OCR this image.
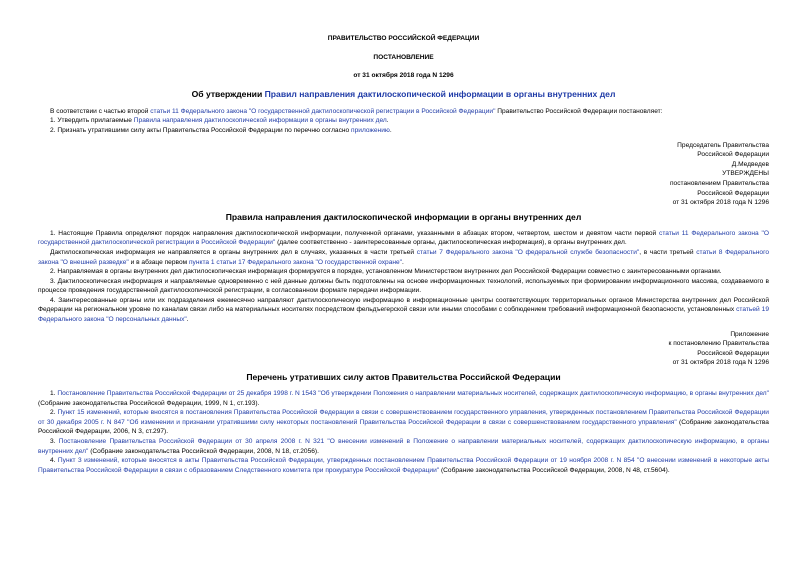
ПРАВИТЕЛЬСТВО РОССИЙСКОЙ ФЕДЕРАЦИИ

ПОСТАНОВЛЕНИЕ

от 31 октября 2018 года N 1296

Об утверждении Правил направления дактилоскопической информации в органы внутренних дел

В соответствии с частью второй статьи 11 Федерального закона "О государственной дактилоскопической регистрации в Российской Федерации" Правительство Российской Федерации постановляет:

1. Утвердить прилагаемые Правила направления дактилоскопической информации в органы внутренних дел.

2. Признать утратившими силу акты Правительства Российской Федерации по перечню согласно приложению.

Председатель Правительства

Российской Федерации

Д.Медведев

УТВЕРЖДЕНЫ

постановлением Правительства

Российской Федерации

от 31 октября 2018 года N 1296

Правила направления дактилоскопической информации в органы внутренних дел

1. Настоящие Правила определяют порядок направления дактилоскопической информации, полученной органами, указанными в абзацах втором, четвертом, шестом и девятом части первой статьи 11 Федерального закона "О государственной дактилоскопической регистрации в Российской Федерации" (далее соответственно - заинтересованные органы, дактилоскопическая информация), в органы внутренних дел.

Дактилоскопическая информация не направляется в органы внутренних дел в случаях, указанных в части третьей статьи 7 Федерального закона "О федеральной службе безопасности", в части третьей статьи 8 Федерального закона "О внешней разведке" и в абзаце первом пункта 1 статьи 17 Федерального закона "О государственной охране".

2. Направляемая в органы внутренних дел дактилоскопическая информация формируется в порядке, установленном Министерством внутренних дел Российской Федерации совместно с заинтересованными органами.

3. Дактилоскопическая информация и направляемые одновременно с ней данные должны быть подготовлены на основе информационных технологий, используемых при формировании информационного массива, создаваемого в процессе проведения государственной дактилоскопической регистрации, в согласованном формате передачи информации.

4. Заинтересованные органы или их подразделения ежемесячно направляют дактилоскопическую информацию в информационные центры соответствующих территориальных органов Министерства внутренних дел Российской Федерации на региональном уровне по каналам связи либо на материальных носителях посредством фельдъегерской связи или иными способами с соблюдением требований информационной безопасности, установленных статьей 19 Федерального закона "О персональных данных".

Приложение

к постановлению Правительства

Российской Федерации

от 31 октября 2018 года N 1296

Перечень утративших силу актов Правительства Российской Федерации

1. Постановление Правительства Российской Федерации от 25 декабря 1998 г. N 1543 "Об утверждении Положения о направлении материальных носителей, содержащих дактилоскопическую информацию, в органы внутренних дел" (Собрание законодательства Российской Федерации, 1999, N 1, ст.193).

2. Пункт 15 изменений, которые вносятся в постановления Правительства Российской Федерации в связи с совершенствованием государственного управления, утвержденных постановлением Правительства Российской Федерации от 30 декабря 2005 г. N 847 "Об изменении и признании утратившими силу некоторых постановлений Правительства Российской Федерации в связи с совершенствованием государственного управления" (Собрание законодательства Российской Федерации, 2006, N 3, ст.297).

3. Постановление Правительства Российской Федерации от 30 апреля 2008 г. N 321 "О внесении изменений в Положение о направлении материальных носителей, содержащих дактилоскопическую информацию, в органы внутренних дел" (Собрание законодательства Российской Федерации, 2008, N 18, ст.2056).

4. Пункт 3 изменений, которые вносятся в акты Правительства Российской Федерации, утвержденных постановлением Правительства Российской Федерации от 19 ноября 2008 г. N 854 "О внесении изменений в некоторые акты Правительства Российской Федерации в связи с образованием Следственного комитета при прокуратуре Российской Федерации" (Собрание законодательства Российской Федерации, 2008, N 48, ст.5604).
